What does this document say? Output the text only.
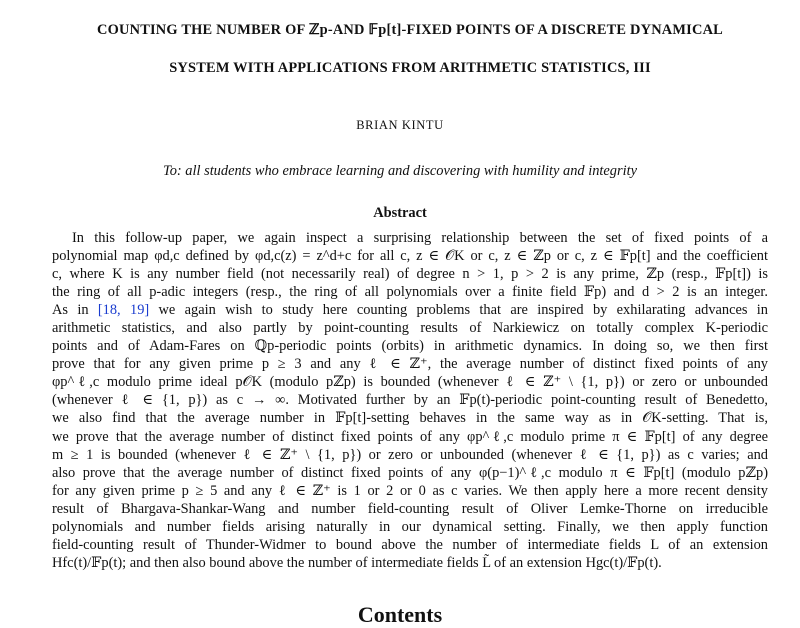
COUNTING THE NUMBER OF ℤp-AND 𝔽p[t]-FIXED POINTS OF A DISCRETE DYNAMICAL
SYSTEM WITH APPLICATIONS FROM ARITHMETIC STATISTICS, III
BRIAN KINTU
To: all students who embrace learning and discovering with humility and integrity
Abstract
In this follow-up paper, we again inspect a surprising relationship between the set of fixed points of a
polynomial map φd,c defined by φd,c(z) = z^d+c for all c, z ∈ 𝒪K or c, z ∈ ℤp or c, z ∈ 𝔽p[t] and the coefficient
c, where K is any number field (not necessarily real) of degree n > 1, p > 2 is any prime, ℤp (resp., 𝔽p[t]) is
the ring of all p-adic integers (resp., the ring of all polynomials over a finite field 𝔽p) and d > 2 is an integer.
As in [18, 19] we again wish to study here counting problems that are inspired by exhilarating advances in
arithmetic statistics, and also partly by point-counting results of Narkiewicz on totally complex K-periodic
points and of Adam-Fares on ℚp-periodic points (orbits) in arithmetic dynamics. In doing so, we then first
prove that for any given prime p ≥ 3 and any ℓ ∈ ℤ⁺, the average number of distinct fixed points of any
φp^ℓ,c modulo prime ideal p𝒪K (modulo pℤp) is bounded (whenever ℓ ∈ ℤ⁺ \ {1, p}) or zero or unbounded
(whenever ℓ ∈ {1, p}) as c → ∞. Motivated further by an 𝔽p(t)-periodic point-counting result of Benedetto,
we also find that the average number in 𝔽p[t]-setting behaves in the same way as in 𝒪K-setting. That is,
we prove that the average number of distinct fixed points of any φp^ℓ,c modulo prime π ∈ 𝔽p[t] of any degree
m ≥ 1 is bounded (whenever ℓ ∈ ℤ⁺ \ {1, p}) or zero or unbounded (whenever ℓ ∈ {1, p}) as c varies; and
also prove that the average number of distinct fixed points of any φ(p−1)^ℓ,c modulo π ∈ 𝔽p[t] (modulo pℤp)
for any given prime p ≥ 5 and any ℓ ∈ ℤ⁺ is 1 or 2 or 0 as c varies. We then apply here a more recent density
result of Bhargava-Shankar-Wang and number field-counting result of Oliver Lemke-Thorne on irreducible
polynomials and number fields arising naturally in our dynamical setting. Finally, we then apply function
field-counting result of Thunder-Widmer to bound above the number of intermediate fields L of an extension
Hfc(t)/𝔽p(t); and then also bound above the number of intermediate fields L̃ of an extension Hgc(t)/𝔽p(t).
Contents
